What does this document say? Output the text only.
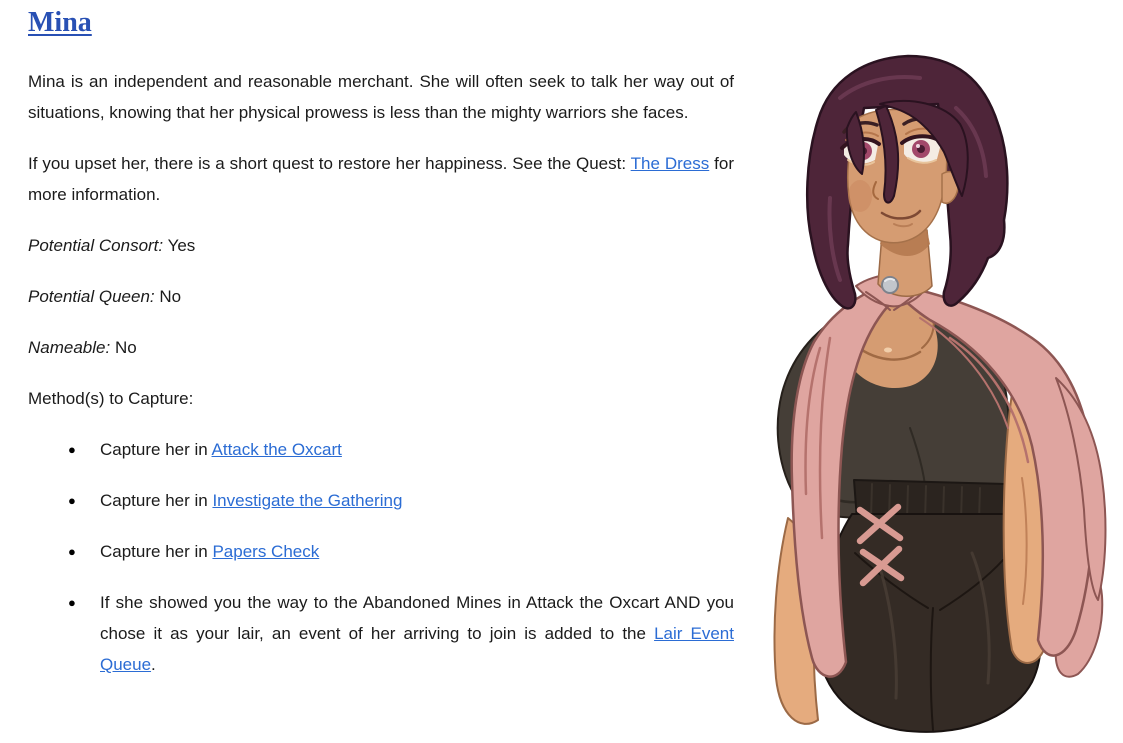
Mina

Mina is an independent and reasonable merchant. She will often seek to talk her way out of situations, knowing that her physical prowess is less than the mighty warriors she faces.

If you upset her, there is a short quest to restore her happiness. See the Quest: The Dress for more information.

Potential Consort: Yes

Potential Queen: No

Nameable: No

Method(s) to Capture:

● Capture her in Attack the Oxcart
● Capture her in Investigate the Gathering
● Capture her in Papers Check
● If she showed you the way to the Abandoned Mines in Attack the Oxcart AND you chose it as your lair, an event of her arriving to join is added to the Lair Event Queue.
